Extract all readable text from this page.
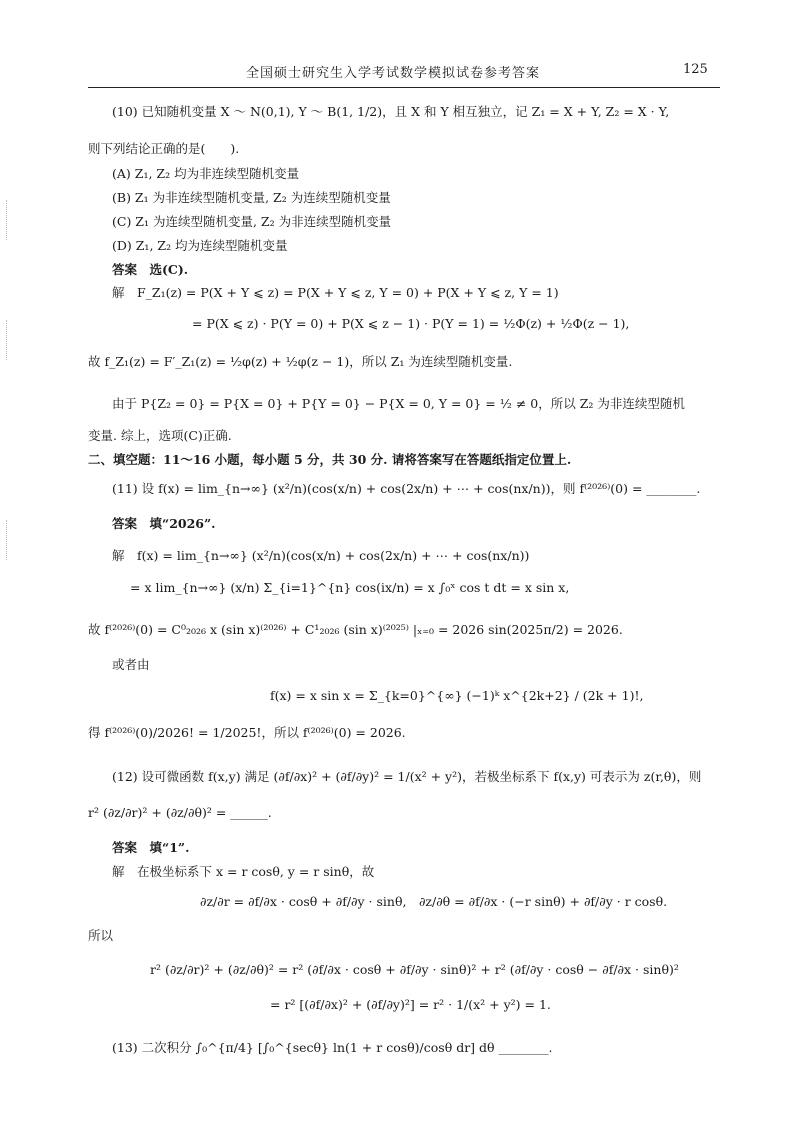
全国硕士研究生入学考试数学模拟试卷参考答案	125
(10) 已知随机变量 X ～ N(0,1), Y ～ B(1, 1/2)，且 X 和 Y 相互独立，记 Z₁ = X + Y, Z₂ = X · Y,
则下列结论正确的是(　　).
(A) Z₁, Z₂ 均为非连续型随机变量
(B) Z₁ 为非连续型随机变量, Z₂ 为连续型随机变量
(C) Z₁ 为连续型随机变量, Z₂ 为非连续型随机变量
(D) Z₁, Z₂ 均为连续型随机变量
答案　选(C).
解　F_Z₁(z) = P(X + Y ⩽ z) = P(X + Y ⩽ z, Y = 0) + P(X + Y ⩽ z, Y = 1)
= P(X ⩽ z) · P(Y = 0) + P(X ⩽ z − 1) · P(Y = 1) = ½Φ(z) + ½Φ(z − 1),
故 f_Z₁(z) = F′_Z₁(z) = ½φ(z) + ½φ(z − 1)，所以 Z₁ 为连续型随机变量.
由于 P{Z₂ = 0} = P{X = 0} + P{Y = 0} − P{X = 0, Y = 0} = ½ ≠ 0，所以 Z₂ 为非连续型随机
变量. 综上，选项(C)正确.
二、填空题：11～16 小题，每小题 5 分，共 30 分. 请将答案写在答题纸指定位置上.
(11) 设 f(x) = lim_{n→∞} (x²/n)(cos(x/n) + cos(2x/n) + ⋯ + cos(nx/n))，则 f⁽²⁰²⁶⁾(0) = ________.
答案　填“2026”.
解　f(x) = lim_{n→∞} (x²/n)(cos(x/n) + cos(2x/n) + ⋯ + cos(nx/n))
= x lim_{n→∞} (x/n) Σ_{i=1}^{n} cos(ix/n) = x ∫₀ˣ cos t dt = x sin x,
故 f⁽²⁰²⁶⁾(0) = C⁰₂₀₂₆ x (sin x)⁽²⁰²⁶⁾ + C¹₂₀₂₆ (sin x)⁽²⁰²⁵⁾ |ₓ₌₀ = 2026 sin(2025π/2) = 2026.
或者由
f(x) = x sin x = Σ_{k=0}^{∞} (−1)ᵏ x^{2k+2} / (2k + 1)!,
得 f⁽²⁰²⁶⁾(0)/2026! = 1/2025!，所以 f⁽²⁰²⁶⁾(0) = 2026.
(12) 设可微函数 f(x,y) 满足 (∂f/∂x)² + (∂f/∂y)² = 1/(x² + y²)，若极坐标系下 f(x,y) 可表示为 z(r,θ)，则
r² (∂z/∂r)² + (∂z/∂θ)² = ______.
答案　填“1”.
解　在极坐标系下 x = r cosθ, y = r sinθ，故
∂z/∂r = ∂f/∂x · cosθ + ∂f/∂y · sinθ,　∂z/∂θ = ∂f/∂x · (−r sinθ) + ∂f/∂y · r cosθ.
所以
r² (∂z/∂r)² + (∂z/∂θ)² = r² (∂f/∂x · cosθ + ∂f/∂y · sinθ)² + r² (∂f/∂y · cosθ − ∂f/∂x · sinθ)²
= r² [(∂f/∂x)² + (∂f/∂y)²] = r² · 1/(x² + y²) = 1.
(13) 二次积分 ∫₀^{π/4} [∫₀^{secθ} ln(1 + r cosθ)/cosθ dr] dθ ________.
